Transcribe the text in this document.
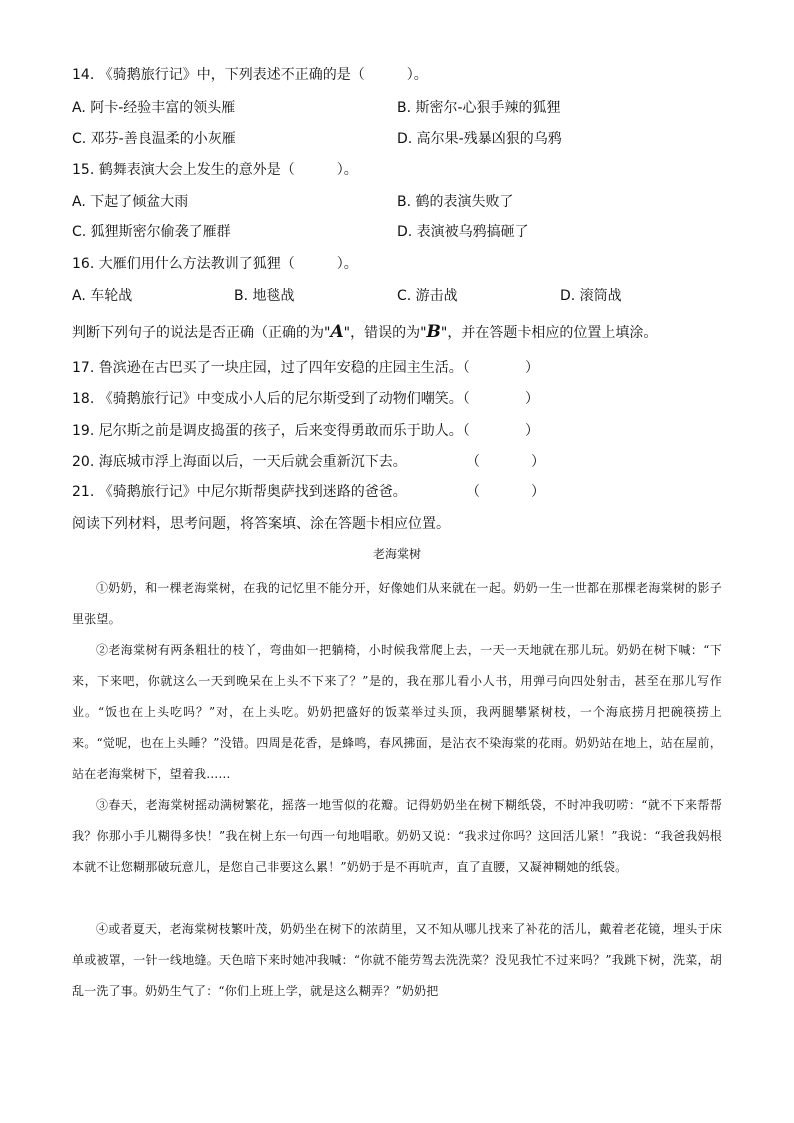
14. 《骑鹅旅行记》中，下列表述不正确的是（　　　）。
A. 阿卡-经验丰富的领头雁	B. 斯密尔-心狠手辣的狐狸
C. 邓芬-善良温柔的小灰雁	D. 高尔果-残暴凶狠的乌鸦
15. 鹤舞表演大会上发生的意外是（　　　）。
A. 下起了倾盆大雨	B. 鹤的表演失败了
C. 狐狸斯密尔偷袭了雁群	D. 表演被乌鸦搞砸了
16. 大雁们用什么方法教训了狐狸（　　　）。
A. 车轮战	B. 地毯战	C. 游击战	D. 滚筒战
判断下列句子的说法是否正确（正确的为"A"，错误的为"B"，并在答题卡相应的位置上填涂。
17. 鲁滨逊在古巴买了一块庄园，过了四年安稳的庄园主生活。（	）
18. 《骑鹅旅行记》中变成小人后的尼尔斯受到了动物们嘲笑。（	）
19. 尼尔斯之前是调皮捣蛋的孩子，后来变得勇敢而乐于助人。（	）
20. 海底城市浮上海面以后，一天后就会重新沉下去。	（	）
21. 《骑鹅旅行记》中尼尔斯帮奥萨找到迷路的爸爸。	（	）
阅读下列材料，思考问题，将答案填、涂在答题卡相应位置。
老海棠树
①奶奶，和一棵老海棠树，在我的记忆里不能分开，好像她们从来就在一起。奶奶一生一世都在那棵老海棠树的影子里张望。
②老海棠树有两条粗壮的枝丫，弯曲如一把躺椅，小时候我常爬上去，一天一天地就在那儿玩。奶奶在树下喊：“下来，下来吧，你就这么一天到晚呆在上头不下来了？”是的，我在那儿看小人书，用弹弓向四处射击，甚至在那儿写作业。“饭也在上头吃吗？”对，在上头吃。奶奶把盛好的饭菜举过头顶，我两腿攀紧树枝，一个海底捞月把碗筷捞上来。“觉呢，也在上头睡？”没错。四周是花香，是蜂鸣，春风拂面，是沾衣不染海棠的花雨。奶奶站在地上，站在屋前，站在老海棠树下，望着我……
③春天，老海棠树摇动满树繁花，摇落一地雪似的花瓣。记得奶奶坐在树下糊纸袋，不时冲我叨唠：“就不下来帮帮我？你那小手儿糊得多快！”我在树上东一句西一句地唱歌。奶奶又说：“我求过你吗？这回活儿紧！”我说：“我爸我妈根本就不让您糊那破玩意儿，是您自己非要这么累！”奶奶于是不再吭声，直了直腰，又凝神糊她的纸袋。
④或者夏天，老海棠树枝繁叶茂，奶奶坐在树下的浓荫里，又不知从哪儿找来了补花的活儿，戴着老花镜，埋头于床单或被罩，一针一线地缝。天色暗下来时她冲我喊：“你就不能劳驾去洗洗菜？没见我忙不过来吗？”我跳下树，洗菜，胡乱一洗了事。奶奶生气了：“你们上班上学，就是这么糊弄？”奶奶把
